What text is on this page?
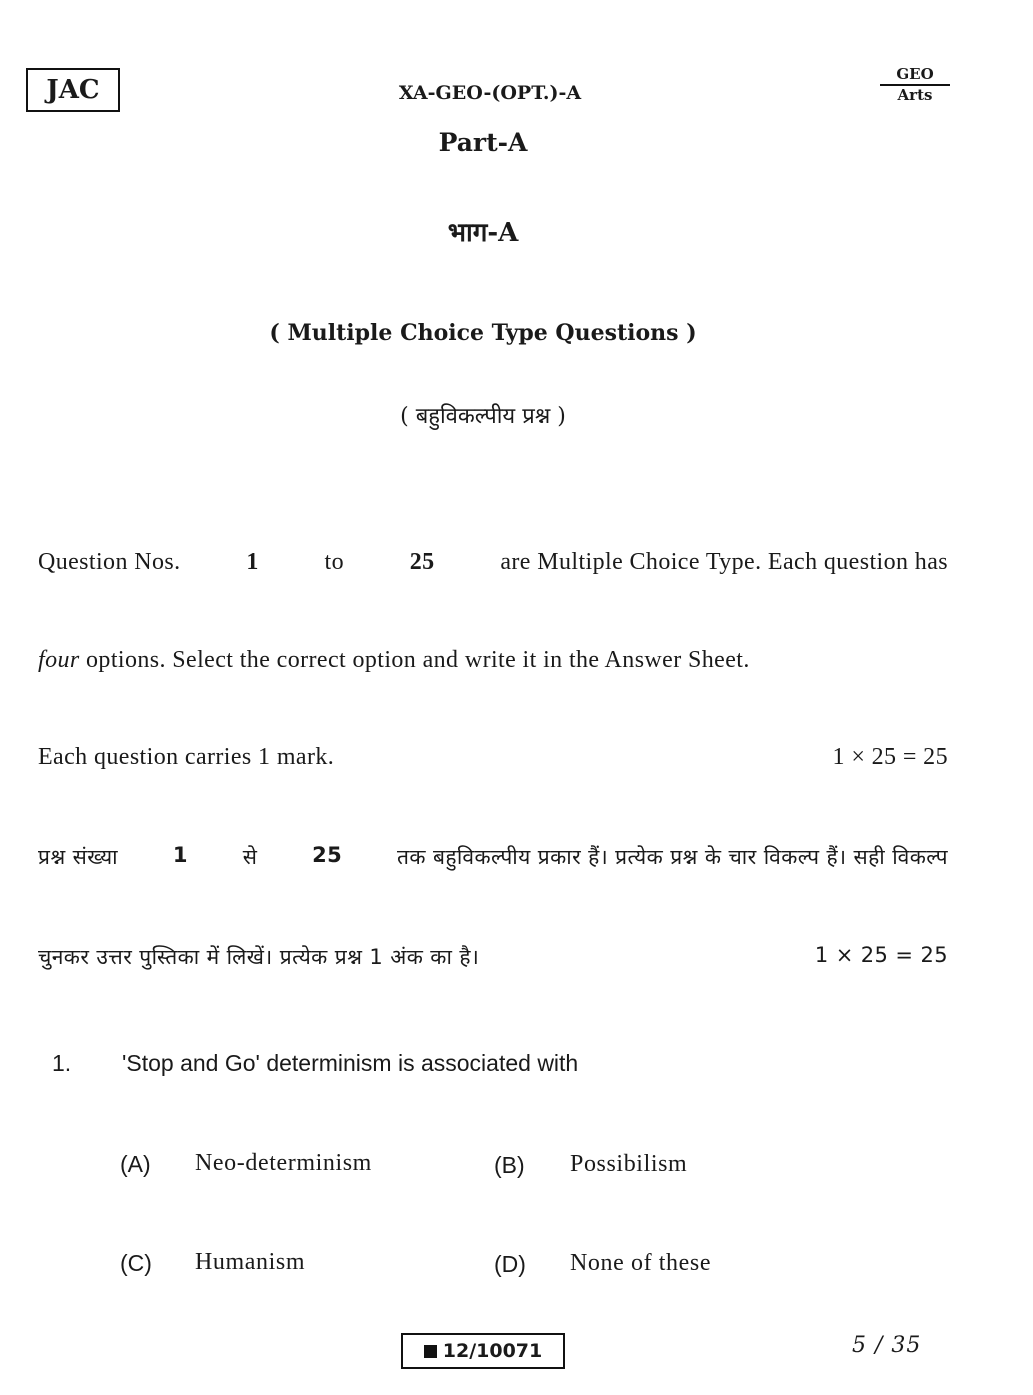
JAC	XA-GEO-(OPT.)-A
GEO
Arts
Part-A
भाग-A
( Multiple Choice Type Questions )
( बहुविकल्पीय प्रश्न )
Question Nos.	1	to	25	are Multiple Choice Type. Each question has
four options. Select the correct option and write it in the Answer Sheet.
Each question carries 1 mark.	1 × 25 = 25
प्रश्न संख्या	1	से	25	तक बहुविकल्पीय प्रकार हैं। प्रत्येक प्रश्न के चार विकल्प हैं। सही विकल्प
चुनकर उत्तर पुस्तिका में लिखें। प्रत्येक प्रश्न 1 अंक का है।	1 × 25 = 25
1. 'Stop and Go' determinism is associated with
(A) Neo-determinism	(B) Possibilism
(C) Humanism	(D) None of these
12/10071	5 / 35
